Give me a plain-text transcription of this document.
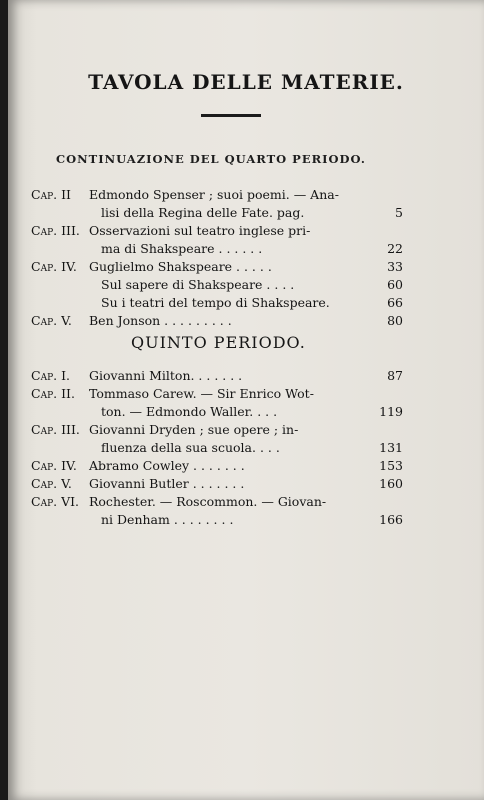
TAVOLA DELLE MATERIE.
CONTINUAZIONE DEL QUARTO PERIODO.
Cap. II Edmondo Spenser ; suoi poemi. — Ana-
lisi della Regina delle Fate. pag.	5
Cap. III. Osservazioni sul teatro inglese pri-
ma di Shakspeare . . . . . .	22
Cap. IV. Guglielmo Shakspeare . . . . .	33
Sul sapere di Shakspeare . . . .	60
Su i teatri del tempo di Shakspeare.	66
Cap. V. Ben Jonson . . . . . . . . .	80
QUINTO PERIODO.
Cap. I. Giovanni Milton. . . . . . .	87
Cap. II. Tommaso Carew. — Sir Enrico Wot-
ton. — Edmondo Waller. . . .	119
Cap. III. Giovanni Dryden ; sue opere ; in-
fluenza della sua scuola. . . .	131
Cap. IV. Abramo Cowley . . . . . . .	153
Cap. V. Giovanni Butler . . . . . . .	160
Cap. VI. Rochester. — Roscommon. — Giovan-
ni Denham . . . . . . . .	166
